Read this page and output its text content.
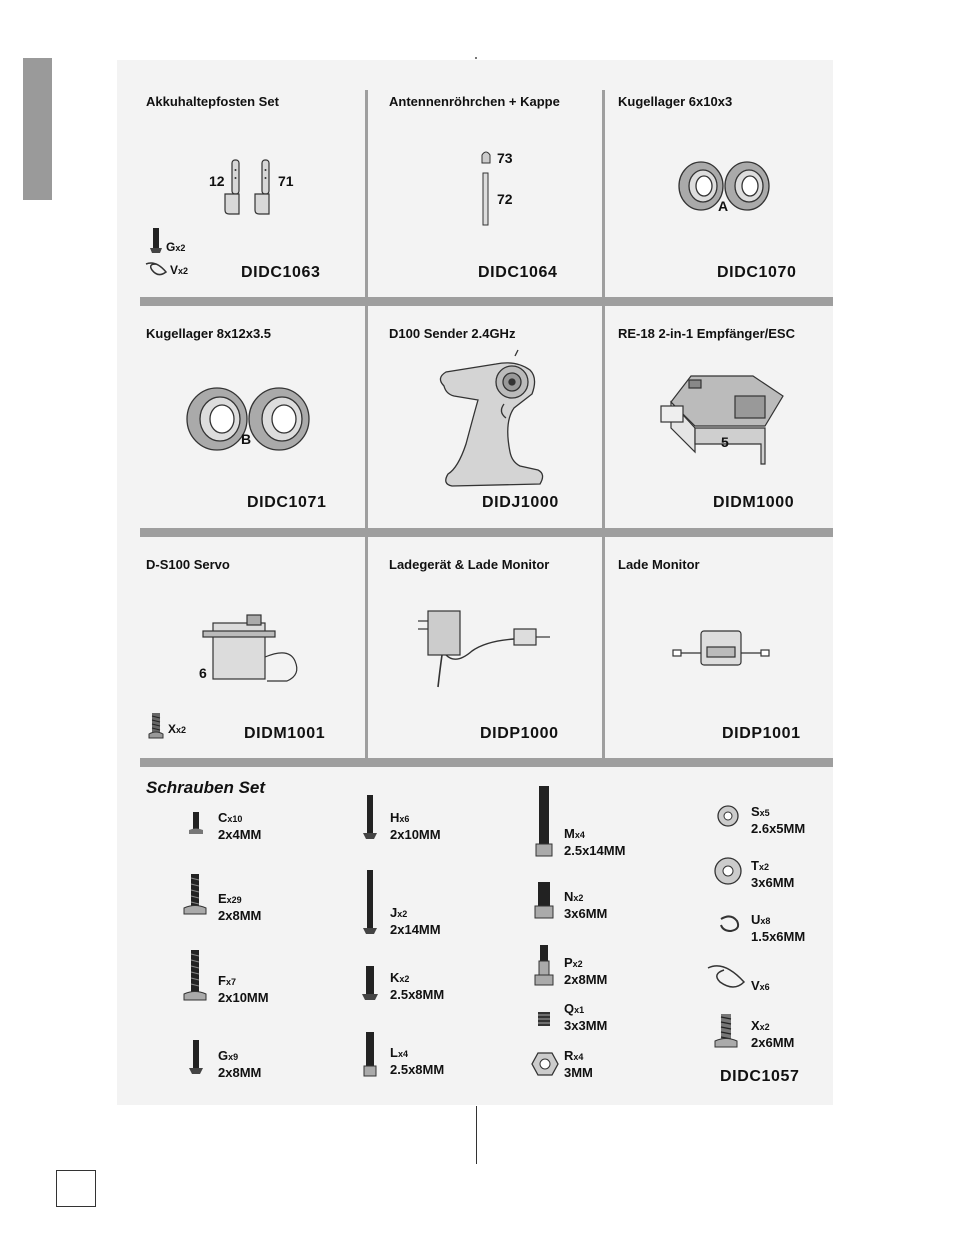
Akkuhaltepfosten Set
12	71
Gx2
Vx2	DIDC1063
Antennenröhrchen + Kappe
73
72
DIDC1064
Kugellager 6x10x3
A
DIDC1070
Kugellager 8x12x3.5
B
DIDC1071
D100 Sender 2.4GHz
DIDJ1000
RE-18 2-in-1 Empfänger/ESC
5
DIDM1000
D-S100 Servo
6
Xx2	DIDM1001
Ladegerät & Lade Monitor
DIDP1000
Lade Monitor
DIDP1001
Schrauben Set
Cx10
2x4MM
Ex29
2x8MM
Fx7
2x10MM
Gx9
2x8MM
Hx6
2x10MM
Jx2
2x14MM
Kx2
2.5x8MM
Lx4
2.5x8MM
Mx4
2.5x14MM
Nx2
3x6MM
Px2
2x8MM
Qx1
3x3MM
Rx4
3MM
Sx5
2.6x5MM
Tx2
3x6MM
Ux8
1.5x6MM
Vx6
Xx2
2x6MM
DIDC1057
